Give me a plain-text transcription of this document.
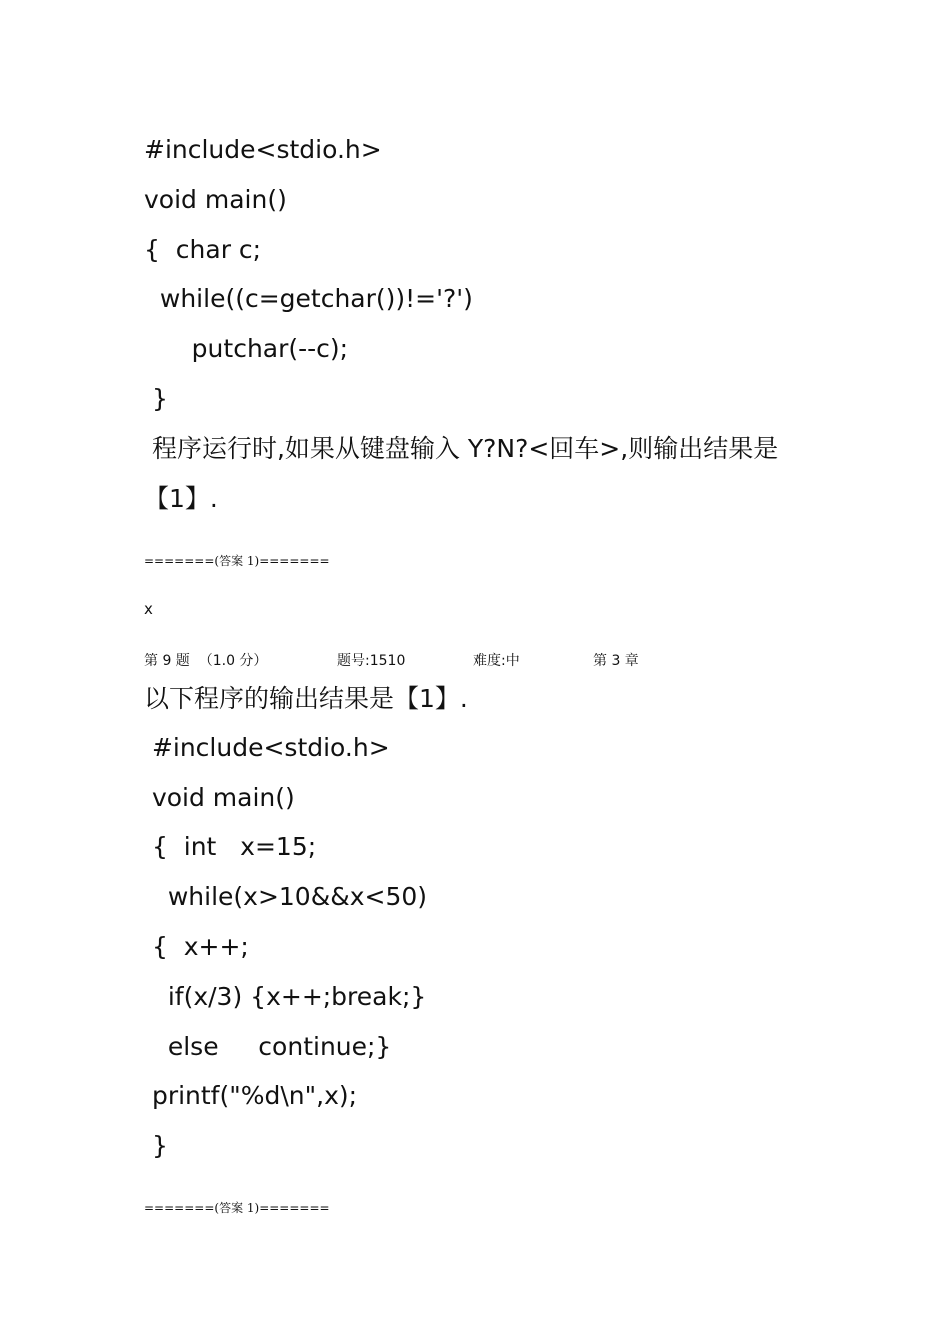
#include<stdio.h>
void main()
{  char c;
while((c=getchar())!='?')
putchar(--c);
}
程序运行时,如果从键盘输入 Y?N?<回车>,则输出结果是
【1】.
=======(答案 1)=======
x
第 9 题  （1.0 分）	题号:1510	难度:中	第 3 章
以下程序的输出结果是【1】.
#include<stdio.h>
void main()
{  int   x=15;
while(x>10&&x<50)
{  x++;
if(x/3) {x++;break;}
else     continue;}
printf("%d\n",x);
}
=======(答案 1)=======
